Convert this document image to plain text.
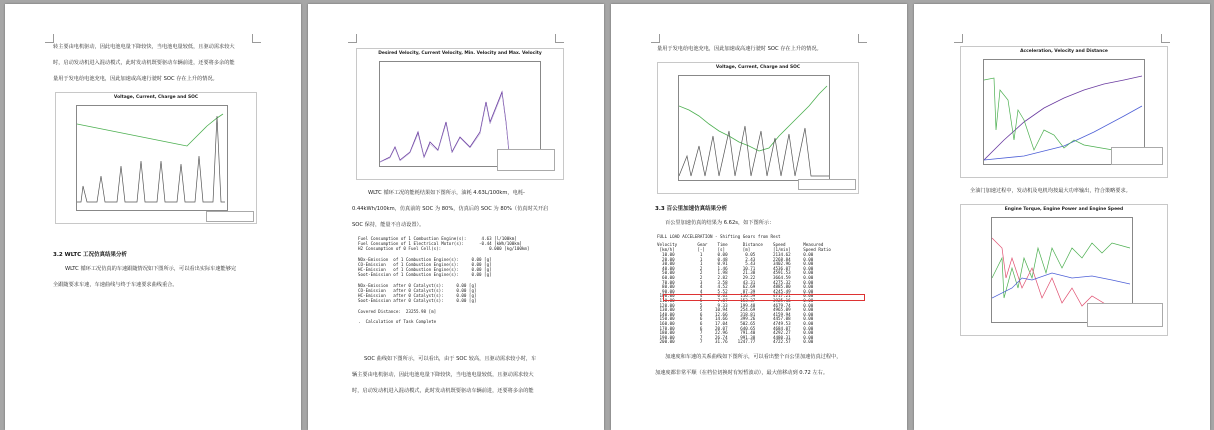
转主要由电机驱动，因此电池电量下降较快，当电池电量较低，且驱动需求较大
时，启动发动机进入混动模式，此时发动机既要驱动车辆前进，还要将多余的能
量用于发电给电池充电，因此加速或高速行驶时 SOC 存在上升的情况。
Voltage, Current, Charge and SOC
3.2 WLTC 工况仿真结果分析
WLTC 循环工况仿真的车速跟随情况如下图所示，可以看出实际车速能够完
全跟随要求车速，车速曲线与终于车速要求曲线重合。
Desired Velocity, Current Velocity, Min. Velocity and Max. Velocity
WLTC 循环工况的能耗结果如下图所示，油耗 4.63L/100km，电耗-
0.44kWh/100km，仿真前的 SOC 为 80%，仿真后的 SOC 为 80%（仿真时关开启
SOC 保持，能量不自动设置）。
Fuel Consumption of 1 Combustion Engine(s):      4.63 [l/100km]
Fuel Consumption of 1 Electrical Motor(s):      -0.44 [kWh/100km]
H2 Consumption of 0 Fuel Cell(s):                   0.000 [kg/100km]

NOx-Emission  of 1 Combustion Engine(s):     0.00 [g]
CO-Emission   of 1 Combustion Engine(s):     0.00 [g]
HC-Emission   of 1 Combustion Engine(s):     0.00 [g]
Soot-Emission of 1 Combustion Engine(s):     0.00 [g]

NOx-Emission  after 0 Catalyst(s):     0.00 [g]
CO-Emission   after 0 Catalyst(s):     0.00 [g]
HC-Emission   after 0 Catalyst(s):     0.00 [g]
Soot-Emission after 0 Catalyst(s):     0.00 [g]

Covered Distance:  23255.98 [m]

.  Calculation of Task Complete
SOC 曲线如下图所示，可以看出，由于 SOC 较高，且驱动需求较小时，车
辆主要由电机驱动，因此电池电量下降较快，当电池电量较低，且驱动需求较大
时，启动发动机进入混动模式，此时发动机既要驱动车辆前进，还要将多余的能
量用于发电给电池充电，因此加速或高速行驶时 SOC 存在上升的情况。
Voltage, Current, Charge and SOC
3.3 百公里加速仿真结果分析
百公里加速仿真的结果为 6.62s，如下图所示：
FULL LOAD ACCELERATION - Shifting Gears from Rest
Velocity        Gear    Time      Distance    Speed       Measured
[km/h]         [-]     [s]       [m]         [1/min]     Speed Ratio
10.00          1      0.00       0.05       2134.62     0.00
20.00          1      0.48       2.43       2268.84     0.00
30.00          1      0.91       5.43       3402.96     0.00
40.00          2      1.46      10.71       4536.07     0.00
50.00          2      1.98      21.38       4591.53     0.00
60.00          2      2.82      29.22       3664.59     0.00
70.00          3      3.58      43.31       4275.32     0.00
80.00          4      4.52      62.69       4885.80     0.00
90.00          4      5.52      87.39       4245.49     0.00
100.00          4      6.62     116.59       4717.21     0.00
110.00          5      7.87     153.37       3925.16     0.00
120.00          5      9.33     199.48       4679.74     0.00
130.00          5     10.94     254.69       4965.09     0.00
140.00          6     12.66     318.81       4159.94     0.00
150.00          6     14.66     399.26       4457.08     0.00
160.00          6     17.04     502.65       4749.53     0.00
170.00          6     20.07     640.65       4684.07     0.00
180.00          7     22.96     791.40       4292.27     0.00
190.00          7     26.74     991.38       4480.31     0.00
200.00          7     31.76    1247.77       4722.57     0.00
加速度和车速的关系曲线如下图所示，可以看出整个百公里加速仿真过程中，
加速度都非常平顺（在档位切换时有短暂波动），最大值移动到 0.72 左右。
Acceleration, Velocity and Distance
全油门加速过程中，发动机及电机均按最大功率输出，符合策略要求。
Engine Torque, Engine Power and Engine Speed
